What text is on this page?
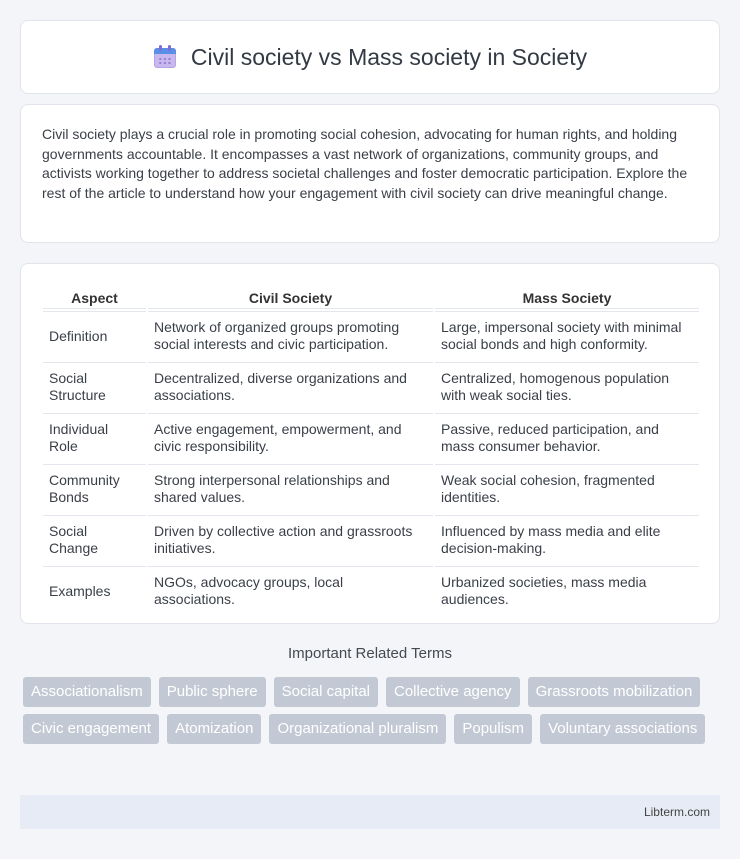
Civil society vs Mass society in Society

Civil society plays a crucial role in promoting social cohesion, advocating for human rights, and holding governments accountable. It encompasses a vast network of organizations, community groups, and activists working together to address societal challenges and foster democratic participation. Explore the rest of the article to understand how your engagement with civil society can drive meaningful change.

Aspect	Civil Society	Mass Society
Definition	Network of organized groups promoting social interests and civic participation.	Large, impersonal society with minimal social bonds and high conformity.
Social Structure	Decentralized, diverse organizations and associations.	Centralized, homogenous population with weak social ties.
Individual Role	Active engagement, empowerment, and civic responsibility.	Passive, reduced participation, and mass consumer behavior.
Community Bonds	Strong interpersonal relationships and shared values.	Weak social cohesion, fragmented identities.
Social Change	Driven by collective action and grassroots initiatives.	Influenced by mass media and elite decision-making.
Examples	NGOs, advocacy groups, local associations.	Urbanized societies, mass media audiences.
Important Related Terms
Associationalism	Public sphere	Social capital	Collective agency	Grassroots mobilization
Civic engagement	Atomization	Organizational pluralism	Populism	Voluntary associations
Libterm.com
